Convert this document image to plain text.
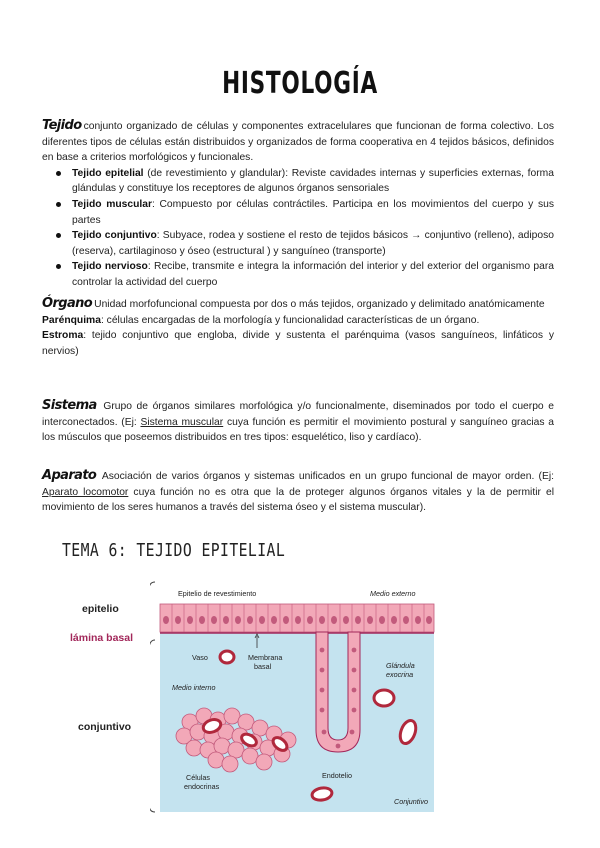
HISTOLOGÍA

Tejido conjunto organizado de células y componentes extracelulares que funcionan de forma colectivo. Los diferentes tipos de células están distribuidos y organizados de forma cooperativa en 4 tejidos básicos, definidos en base a criterios morfológicos y funcionales.

Tejido epitelial (de revestimiento y glandular): Reviste cavidades internas y superficies externas, forma glándulas y constituye los receptores de algunos órganos sensoriales
Tejido muscular: Compuesto por células contráctiles. Participa en los movimientos del cuerpo y sus partes
Tejido conjuntivo: Subyace, rodea y sostiene el resto de tejidos básicos → conjuntivo (relleno), adiposo (reserva), cartilaginoso y óseo (estructural ) y sanguíneo (transporte)
Tejido nervioso: Recibe, transmite e integra la información del interior y del exterior del organismo para controlar la actividad del cuerpo

Órgano Unidad morfofuncional compuesta por dos o más tejidos, organizado y delimitado anatómicamente

Parénquima: células encargadas de la morfología y funcionalidad características de un órgano.

Estroma: tejido conjuntivo que engloba, divide y sustenta el parénquima (vasos sanguíneos, linfáticos y nervios)

Sistema Grupo de órganos similares morfológica y/o funcionalmente, diseminados por todo el cuerpo e interconectados. (Ej: Sistema muscular cuya función es permitir el movimiento postural y sanguíneo gracias a los músculos que poseemos distribuidos en tres tipos: esquelético, liso y cardíaco).

Aparato Asociación de varios órganos y sistemas unificados en un grupo funcional de mayor orden. (Ej: Aparato locomotor cuya función no es otra que la de proteger algunos órganos vitales y la de permitir el movimiento de los seres humanos a través del sistema óseo y el sistema muscular).

TEMA 6: TEJIDO EPITELIAL
epitelio
lámina basal
conjuntivo
Epitelio de revestimiento	Medio externo
Vaso	Membrana
basal	Glándula
exocrina
Medio interno
Células
endocrinas
Endotelio
Conjuntivo
